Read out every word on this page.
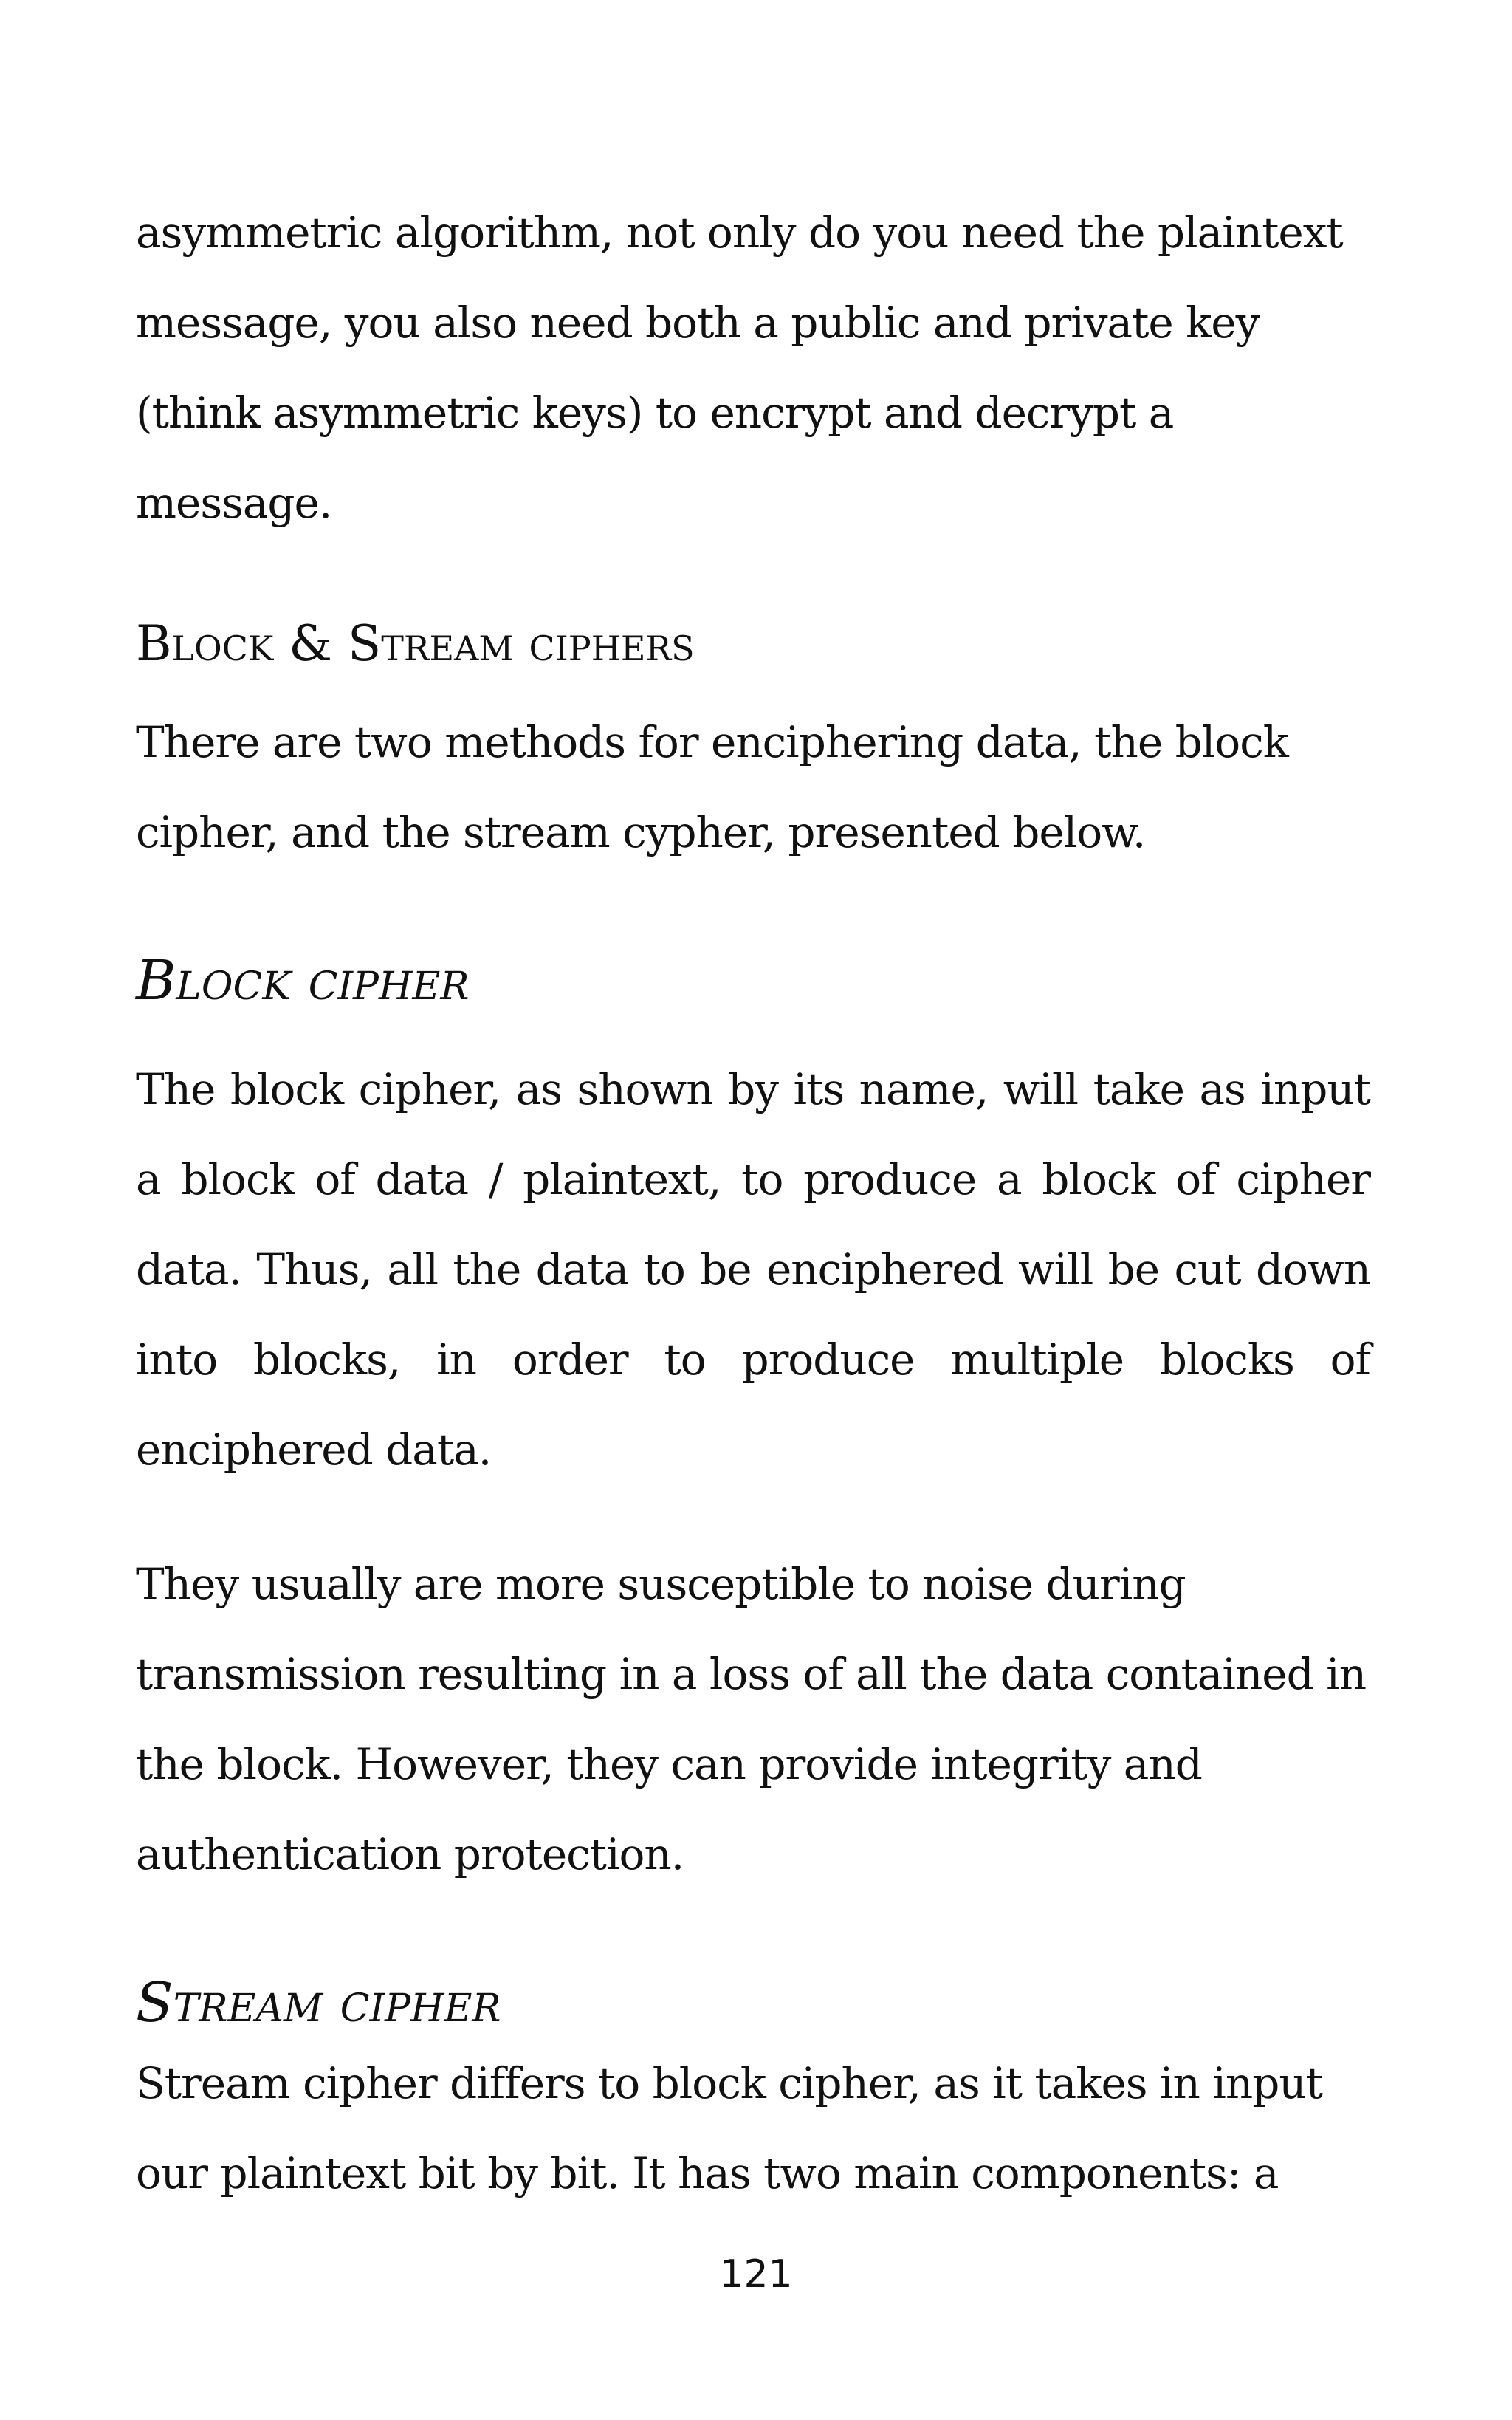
asymmetric algorithm, not only do you need the plaintext message, you also need both a public and private key (think asymmetric keys) to encrypt and decrypt a message.

Block & Stream ciphers

There are two methods for enciphering data, the block cipher, and the stream cypher, presented below.

Block cipher

The block cipher, as shown by its name, will take as input a block of data / plaintext, to produce a block of cipher data. Thus, all the data to be enciphered will be cut down into blocks, in order to produce multiple blocks of enciphered data.

They usually are more susceptible to noise during transmission resulting in a loss of all the data contained in the block. However, they can provide integrity and authentication protection.

Stream cipher

Stream cipher differs to block cipher, as it takes in input our plaintext bit by bit. It has two main components: a

121
